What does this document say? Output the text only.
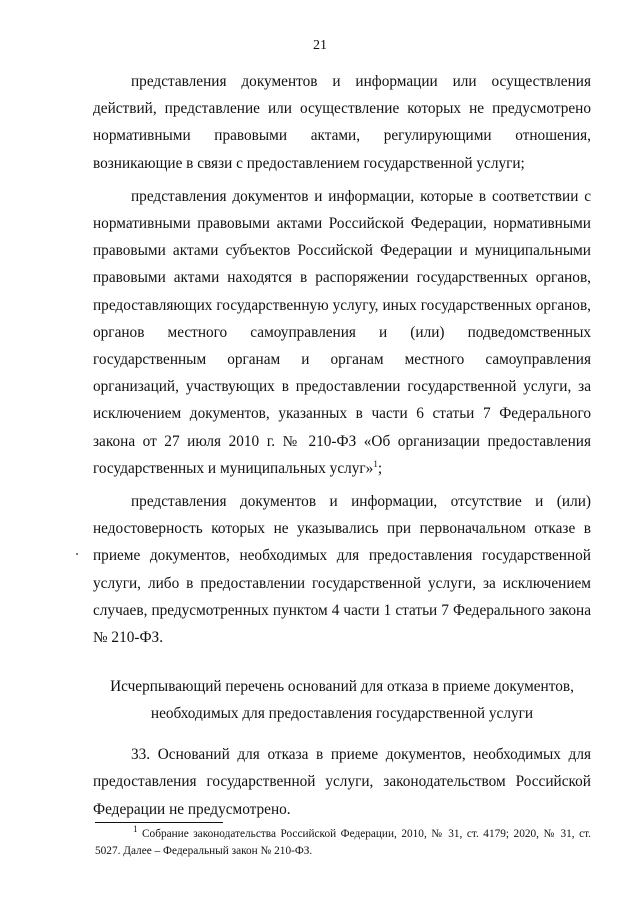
21

представления документов и информации или осуществления действий, представление или осуществление которых не предусмотрено нормативными правовыми актами, регулирующими отношения, возникающие в связи с предоставлением государственной услуги;

представления документов и информации, которые в соответствии с нормативными правовыми актами Российской Федерации, нормативными правовыми актами субъектов Российской Федерации и муниципальными правовыми актами находятся в распоряжении государственных органов, предоставляющих государственную услугу, иных государственных органов, органов местного самоуправления и (или) подведомственных государственным органам и органам местного самоуправления организаций, участвующих в предоставлении государственной услуги, за исключением документов, указанных в части 6 статьи 7 Федерального закона от 27 июля 2010 г. № 210-ФЗ «Об организации предоставления государственных и муниципальных услуг»$^1$;

представления документов и информации, отсутствие и (или) недостоверность которых не указывались при первоначальном отказе в приеме документов, необходимых для предоставления государственной услуги, либо в предоставлении государственной услуги, за исключением случаев, предусмотренных пунктом 4 части 1 статьи 7 Федерального закона № 210-ФЗ.

Исчерпывающий перечень оснований для отказа в приеме документов,
необходимых для предоставления государственной услуги

33. Оснований для отказа в приеме документов, необходимых для предоставления государственной услуги, законодательством Российской Федерации не предусмотрено.

$^1$ Собрание законодательства Российской Федерации, 2010, № 31, ст. 4179; 2020, № 31, ст. 5027. Далее – Федеральный закон № 210-ФЗ.
